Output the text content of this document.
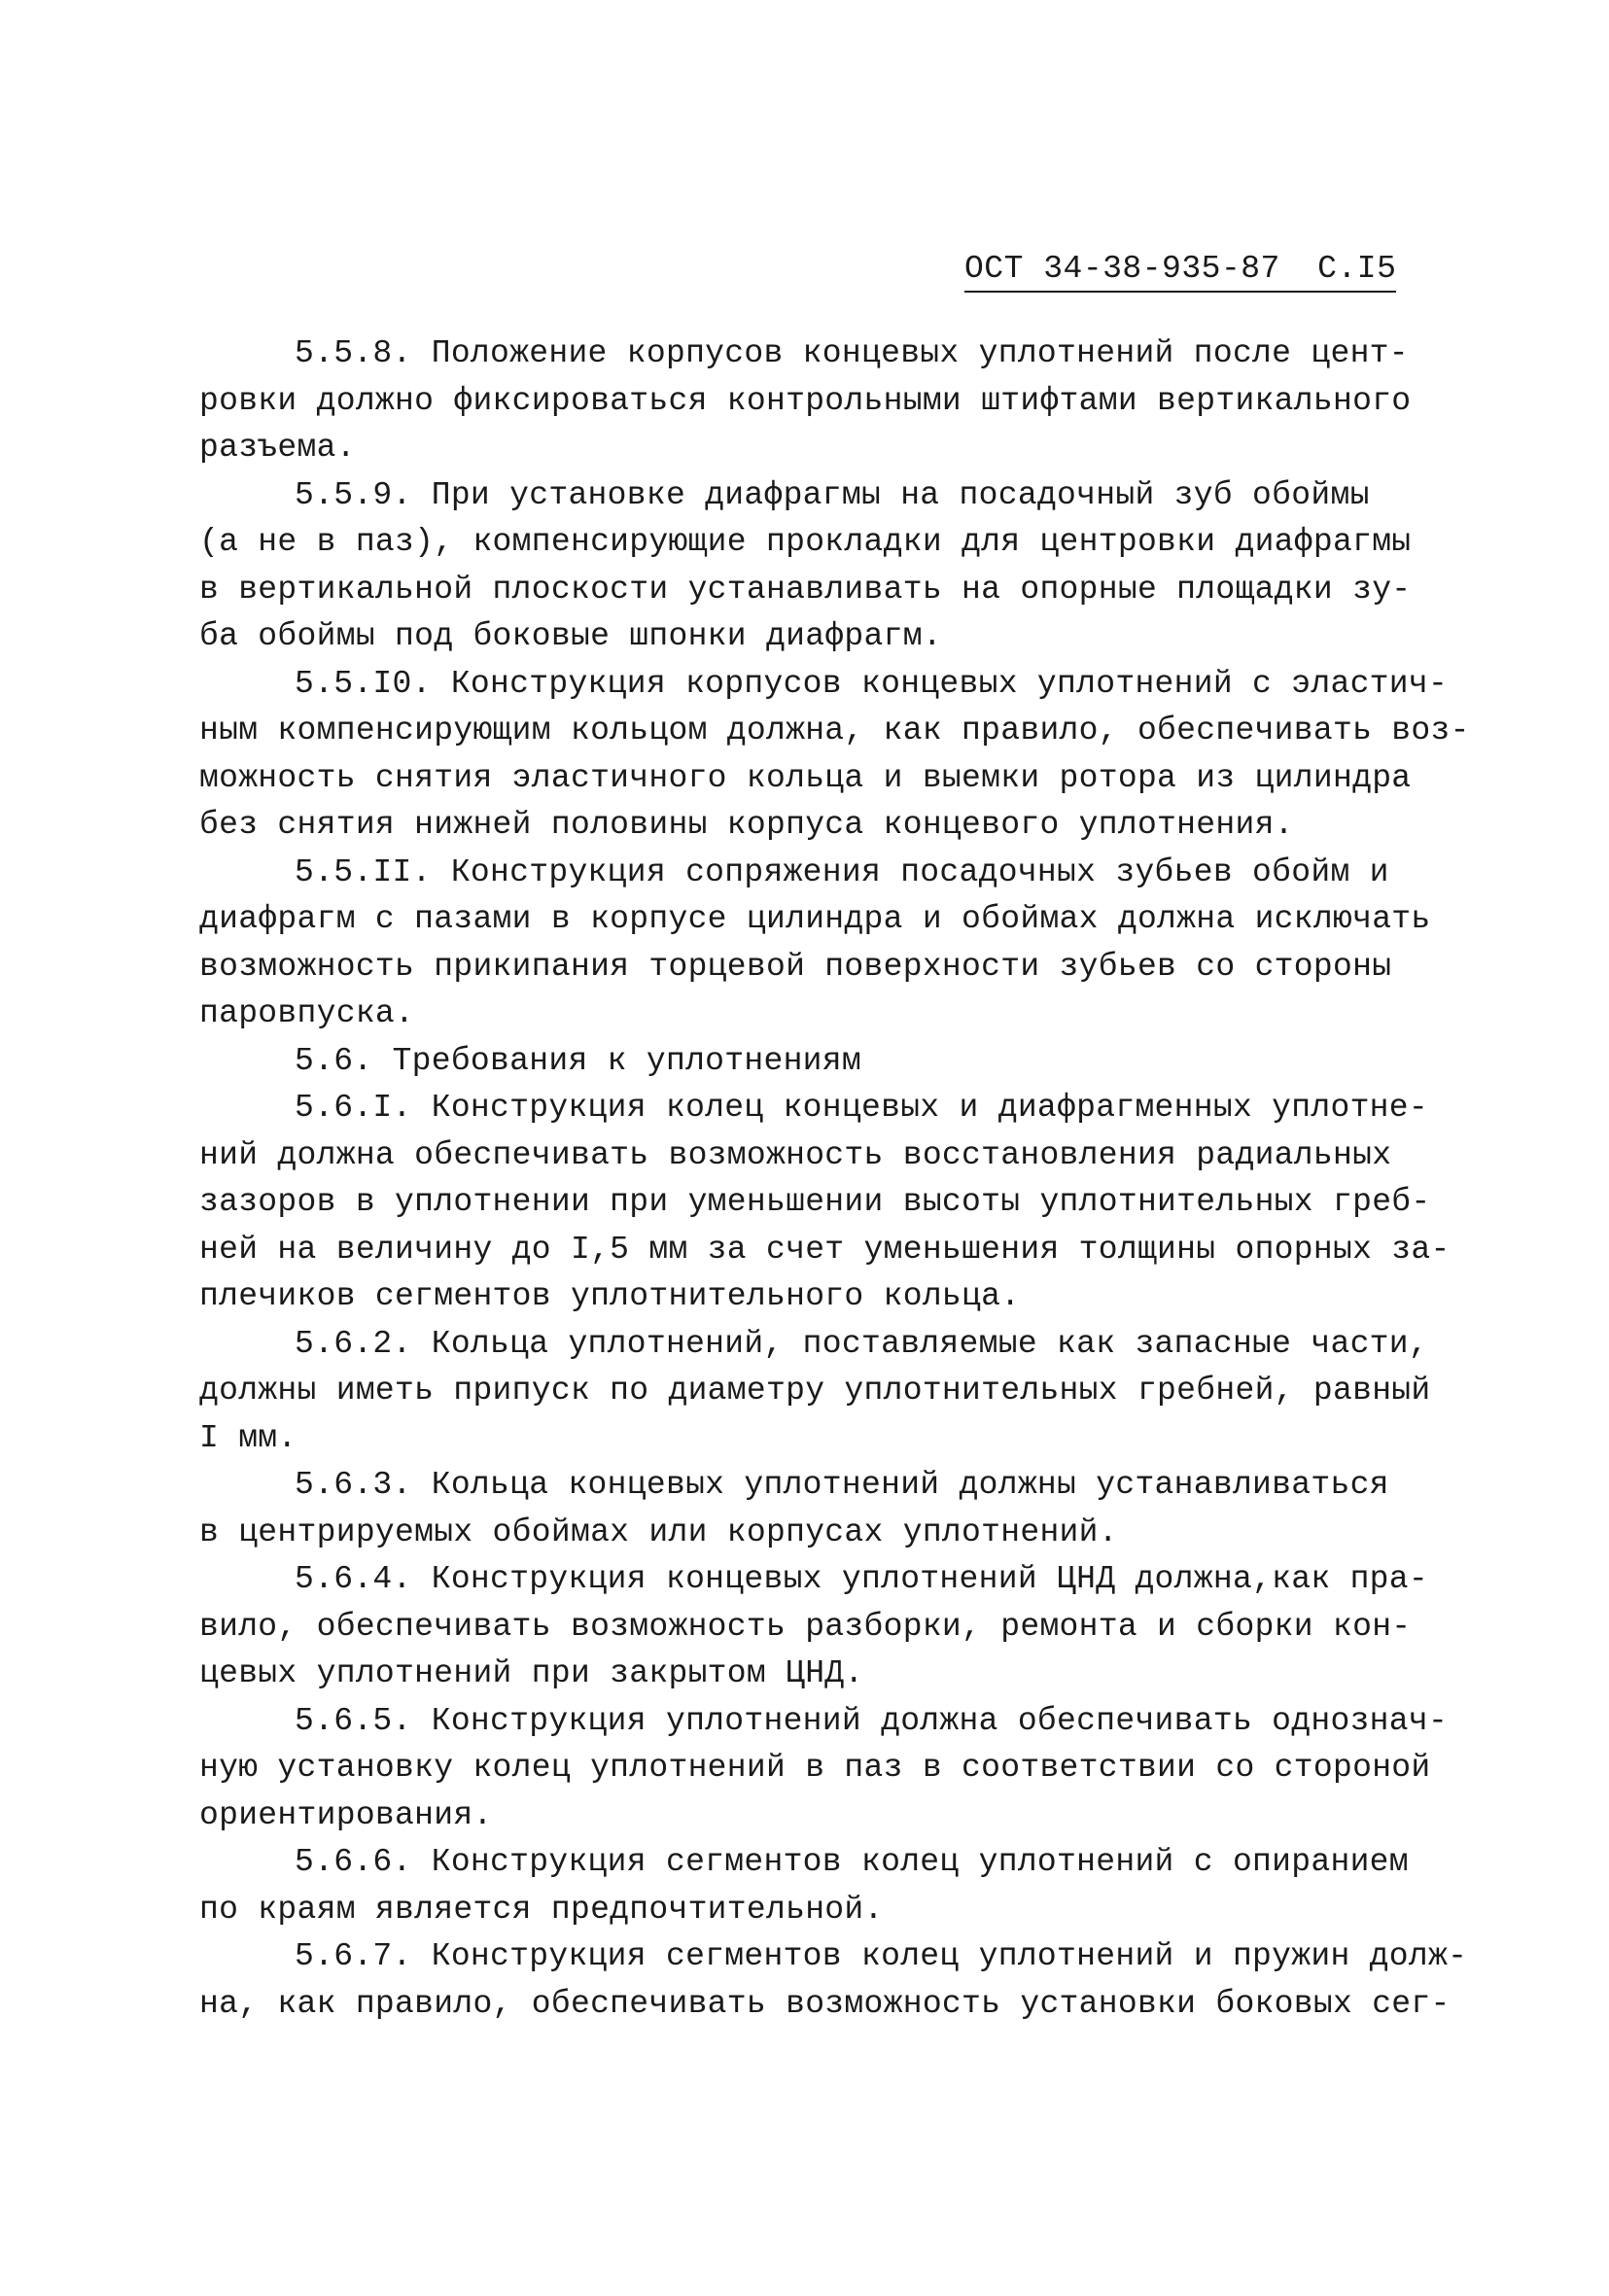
ОСТ 34-38-935-87 С.I5
5.5.8. Положение корпусов концевых уплотнений после цент-
ровки должно фиксироваться контрольными штифтами вертикального
разъема.
5.5.9. При установке диафрагмы на посадочный зуб обоймы
(а не в паз), компенсирующие прокладки для центровки диафрагмы
в вертикальной плоскости устанавливать на опорные площадки зу-
ба обоймы под боковые шпонки диафрагм.
5.5.I0. Конструкция корпусов концевых уплотнений с эластич-
ным компенсирующим кольцом должна, как правило, обеспечивать воз-
можность снятия эластичного кольца и выемки ротора из цилиндра
без снятия нижней половины корпуса концевого уплотнения.
5.5.II. Конструкция сопряжения посадочных зубьев обойм и
диафрагм с пазами в корпусе цилиндра и обоймах должна исключать
возможность прикипания торцевой поверхности зубьев со стороны
паровпуска.
5.6. Требования к уплотнениям
5.6.I. Конструкция колец концевых и диафрагменных уплотне-
ний должна обеспечивать возможность восстановления радиальных
зазоров в уплотнении при уменьшении высоты уплотнительных греб-
ней на величину до I,5 мм за счет уменьшения толщины опорных за-
плечиков сегментов уплотнительного кольца.
5.6.2. Кольца уплотнений, поставляемые как запасные части,
должны иметь припуск по диаметру уплотнительных гребней, равный
I мм.
5.6.3. Кольца концевых уплотнений должны устанавливаться
в центрируемых обоймах или корпусах уплотнений.
5.6.4. Конструкция концевых уплотнений ЦНД должна,как пра-
вило, обеспечивать возможность разборки, ремонта и сборки кон-
цевых уплотнений при закрытом ЦНД.
5.6.5. Конструкция уплотнений должна обеспечивать однознач-
ную установку колец уплотнений в паз в соответствии со стороной
ориентирования.
5.6.6. Конструкция сегментов колец уплотнений с опиранием
по краям является предпочтительной.
5.6.7. Конструкция сегментов колец уплотнений и пружин долж-
на, как правило, обеспечивать возможность установки боковых сег-
